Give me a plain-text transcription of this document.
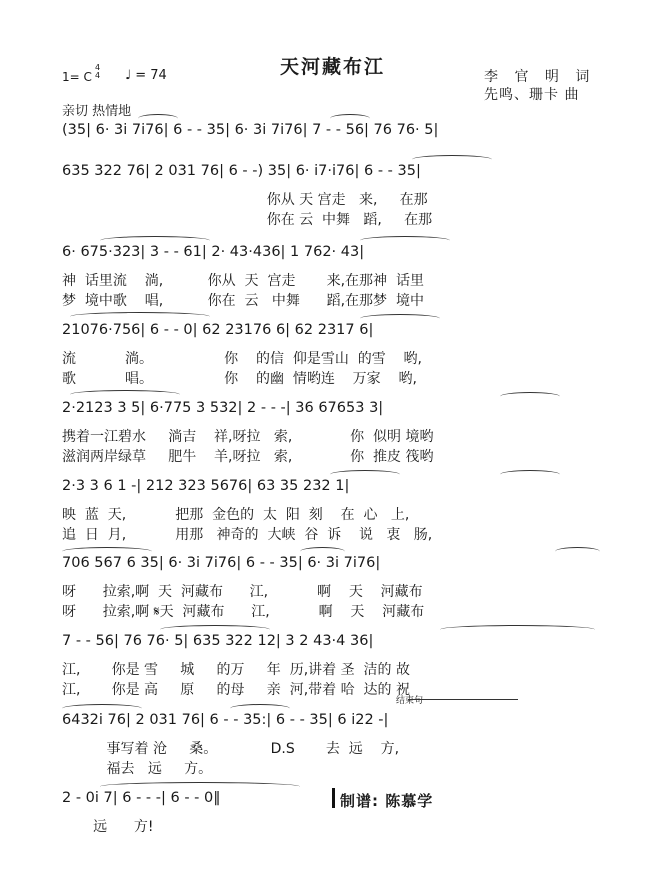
天河藏布江
1= C
4
4 ♩ = 74	李 官 明 词
先鸣、珊卡 曲
亲切 热情地
(35| 6· 3i 7i76| 6 - - 35| 6· 3i 7i76| 7 - - 56| 76 76· 5|
635 322 76| 2 031 76| 6 - -) 35| 6· i7·i76| 6 - - 35|
你从 天 宫走   来,     在那
你在 云  中舞   蹈,     在那
6· 675·323| 3 - - 61| 2· 43·436| 1 762· 43|
神  话里流    淌,          你从  天  宫走       来,在那神  话里
梦  境中歌    唱,          你在  云   中舞      蹈,在那梦  境中
21076·756| 6 - - 0| 62 23176 6| 62 2317 6|
流           淌。                你    的信  仰是雪山  的雪    哟,
歌           唱。                你    的幽  情哟连    万家    哟,
2·2123 3 5| 6·775 3 532| 2 - - -| 36 67653 3|
携着一江碧水     淌吉    祥,呀拉   索,             你  似明 境哟
滋润两岸绿草     肥牛    羊,呀拉   索,             你  推皮 筏哟
2·3 3 6 1 -| 212 323 5676| 63 35 232 1|
映  蓝  天,           把那  金色的  太  阳  刻    在  心   上,
追  日  月,           用那   神奇的  大峡  谷  诉    说   衷   肠,
706 567 6 35| 6· 3i 7i76| 6 - - 35| 6· 3i 7i76|
呀      拉索,啊  天  河藏布      江,           啊    天    河藏布
呀      拉索,啊 𝄋天  河藏布      江,           啊    天    河藏布
7 - - 56| 76 76· 5| 635 322 12| 3 2 43·4 36|
江,       你是 雪     城     的万     年  历,讲着 圣  洁的 故
江,       你是 高     原     的母     亲  河,带着 哈  达的 祝
结束句
6432i 76| 2 031 76| 6 - - 35:| 6 - - 35| 6 i22 -|
事写着 沧     桑。            D.S       去  远    方,
福去   远     方。
2 - 0i 7| 6 - - -| 6 - - 0‖
远      方!
制谱: 陈慕学
